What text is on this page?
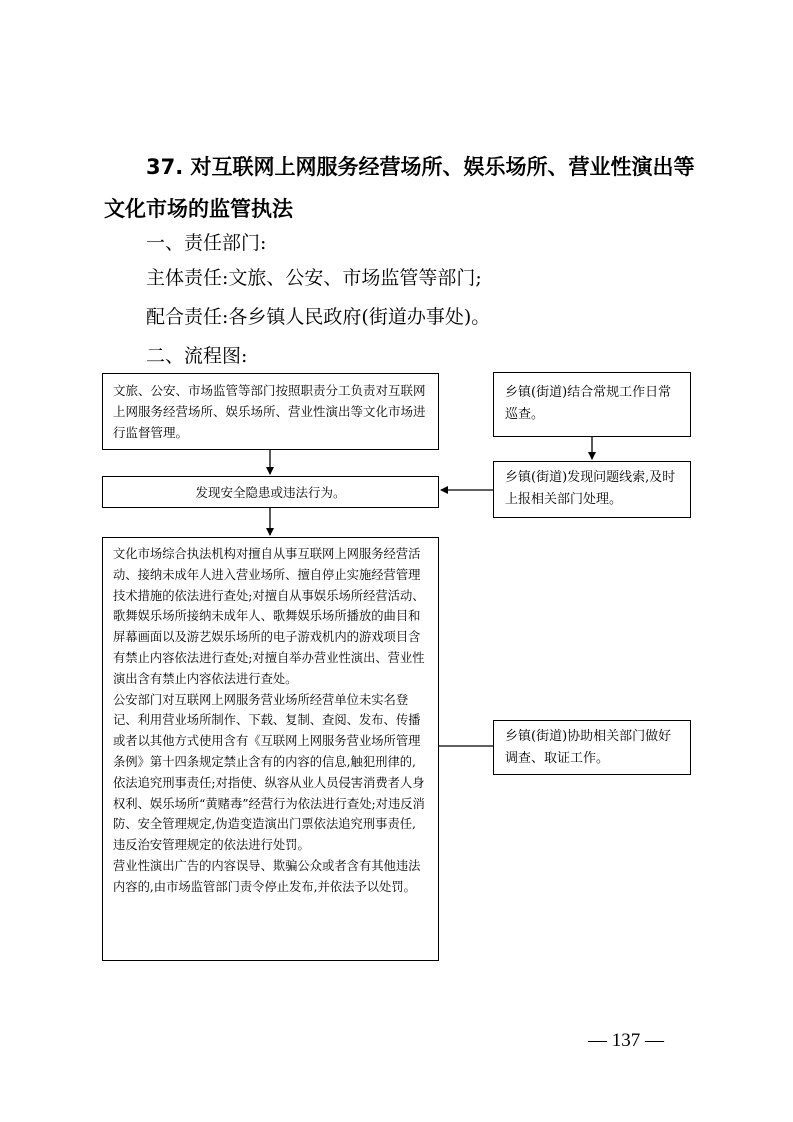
37. 对互联网上网服务经营场所、娱乐场所、营业性演出等
文化市场的监管执法

一、责任部门:

主体责任:文旅、公安、市场监管等部门;

配合责任:各乡镇人民政府(街道办事处)。

二、流程图:

文旅、公安、市场监管等部门按照职责分工负责对互联网上网服务经营场所、娱乐场所、营业性演出等文化市场进行监督管理。

乡镇(街道)结合常规工作日常巡查。

发现安全隐患或违法行为。

乡镇(街道)发现问题线索,及时上报相关部门处理。

文化市场综合执法机构对擅自从事互联网上网服务经营活动、接纳未成年人进入营业场所、擅自停止实施经营管理技术措施的依法进行查处;对擅自从事娱乐场所经营活动、歌舞娱乐场所接纳未成年人、歌舞娱乐场所播放的曲目和屏幕画面以及游艺娱乐场所的电子游戏机内的游戏项目含有禁止内容依法进行查处;对擅自举办营业性演出、营业性演出含有禁止内容依法进行查处。

公安部门对互联网上网服务营业场所经营单位未实名登记、利用营业场所制作、下载、复制、查阅、发布、传播或者以其他方式使用含有《互联网上网服务营业场所管理条例》第十四条规定禁止含有的内容的信息,触犯刑律的,依法追究刑事责任;对指使、纵容从业人员侵害消费者人身权利、娱乐场所“黄赌毒”经营行为依法进行查处;对违反消防、安全管理规定,伪造变造演出门票依法追究刑事责任,违反治安管理规定的依法进行处罚。

营业性演出广告的内容误导、欺骗公众或者含有其他违法内容的,由市场监管部门责令停止发布,并依法予以处罚。

乡镇(街道)协助相关部门做好调查、取证工作。

— 137 —
